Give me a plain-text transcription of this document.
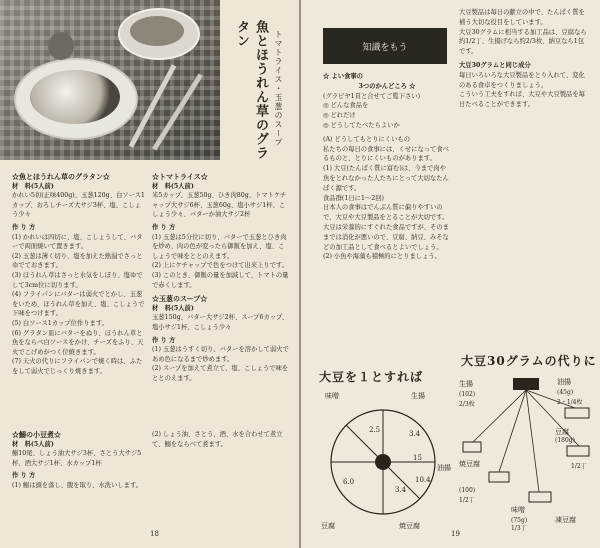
魚とほうれん草のグラタン	トマトライス・玉葱のスープ

☆魚とほうれん草のグラタン☆

材　料(5人前)

かれい5切(正味400g)、玉葱120g、白ソース1カップ、おろしチーズ大サジ3杯、塩、こしょう少々

作 り 方

(1) かれいは四切に、塩、こしょうして、バターで両面焼いて置きます。

(2) 玉葱は薄く切り、塩を加えた熱湯でさっとゆでておきます。

(3) ほうれん草はさっと水気をしぼり、塩ゆでして3cm位に切ります。

(4) フライパンにバターは弱火でとかし、玉葱をいため、ほうれん草を加え、塩、こしょうで下味をつけます。

(5) 白ソース1カップ位作ります。

(6) グラタン皿にバターをぬり、ほうれん草と魚をならべ白ソースをかけ、チーズをふり、天火でこげめがつく位焼きます。

(7) 天火の代りにフライパンで焼く時は、ふたをして弱火でじっくり焼きます。

☆トマトライス☆

材　料(5人前)

米5カップ、玉葱50g、ひき肉80g、トマトケチャップ大サジ6杯、玉葱60g、塩小サジ1杯、こしょう少々、バターか油大サジ2杯

作 り 方

(1) 玉葱は5分位に切り、バターで玉葱とひき肉を炒め、肉の色が変ったら御飯を加え、塩、こしょうで味をととのえます。

(2) 上にケチャップで色をつけて出来上りです。

(3) このとき、御飯の量を加減して、トマトの量で赤くします。

☆玉葱のスープ☆

材　料(5人前)

玉葱150g、バター大サジ2杯、スープ6カップ、塩小サジ1杯、こしょう少々

作 り 方

(1) 玉葱はうすく切り、バターを溶かして弱火であめ色になるまで炒めます。

(2) スープを加えて煮立て、塩、こしょうで味をととのえます。

☆鰯の小豆煮☆

材　料(5人前)

鰯10尾、しょう油大サジ3杯、さとう大サジ5杯、酒大サジ1杯、水カップ1杯

作 り 方

(1) 鰯は頭を落し、腹を取り、水洗いします。

(2) しょう油、さとう、酒、水を合わせて煮立て、鰯をならべて煮ます。

18
知識をもう

☆ よい食事の

3つのかんどころ ☆

(グラビヤ1頁と合せてご覧下さい)

◎ どんな食品を

◎ どれだけ

◎ どうしてたべたらよいか

(A) どうしてもとりにくいもの

私たちの毎日の食事には、くせになって食べるものと、とりにくいものがあります。

(1) 大豆(たんぱく質に富む)は、今まで肉や魚をとれなかった人たちにとって大切なたんぱく源です。

食品群(1日に1〜2回)

日本人の食事はでんぷん質に偏りやすいので、大豆や大豆製品をとることが大切です。

大豆は栄養的にすぐれた食品ですが、そのままでは消化が悪いので、豆腐、納豆、みそなどの加工品として食べるとよいでしょう。

(2) 小魚や海藻も積極的にとりましょう。

大豆製品は毎日の献立の中で、たんぱく質を補う大切な役目をしています。

大豆30グラムに相当する加工品は、豆腐なら約1/2丁、生揚げなら約2/3枚、納豆なら1包です。

大豆30グラムと同じ成分

毎日いろいろな大豆製品をとり入れて、変化のある食卓をつくりましょう。

こういう工夫をすれば、大豆や大豆製品を毎日たべることができます。

大豆を１とすれば
味噌	生揚
豆腐	焼豆腐
油揚
2.5
6.0
3.4
15
3.4
10.4
大豆30グラムの代りに
生揚
(102)
2/3枚
油揚
(45g)
2・1/4枚
豆腐
(180g)
1/2丁
焼豆腐
(100)
1/2丁
味噌
(75g)
1/3丁
凍豆腐
19
